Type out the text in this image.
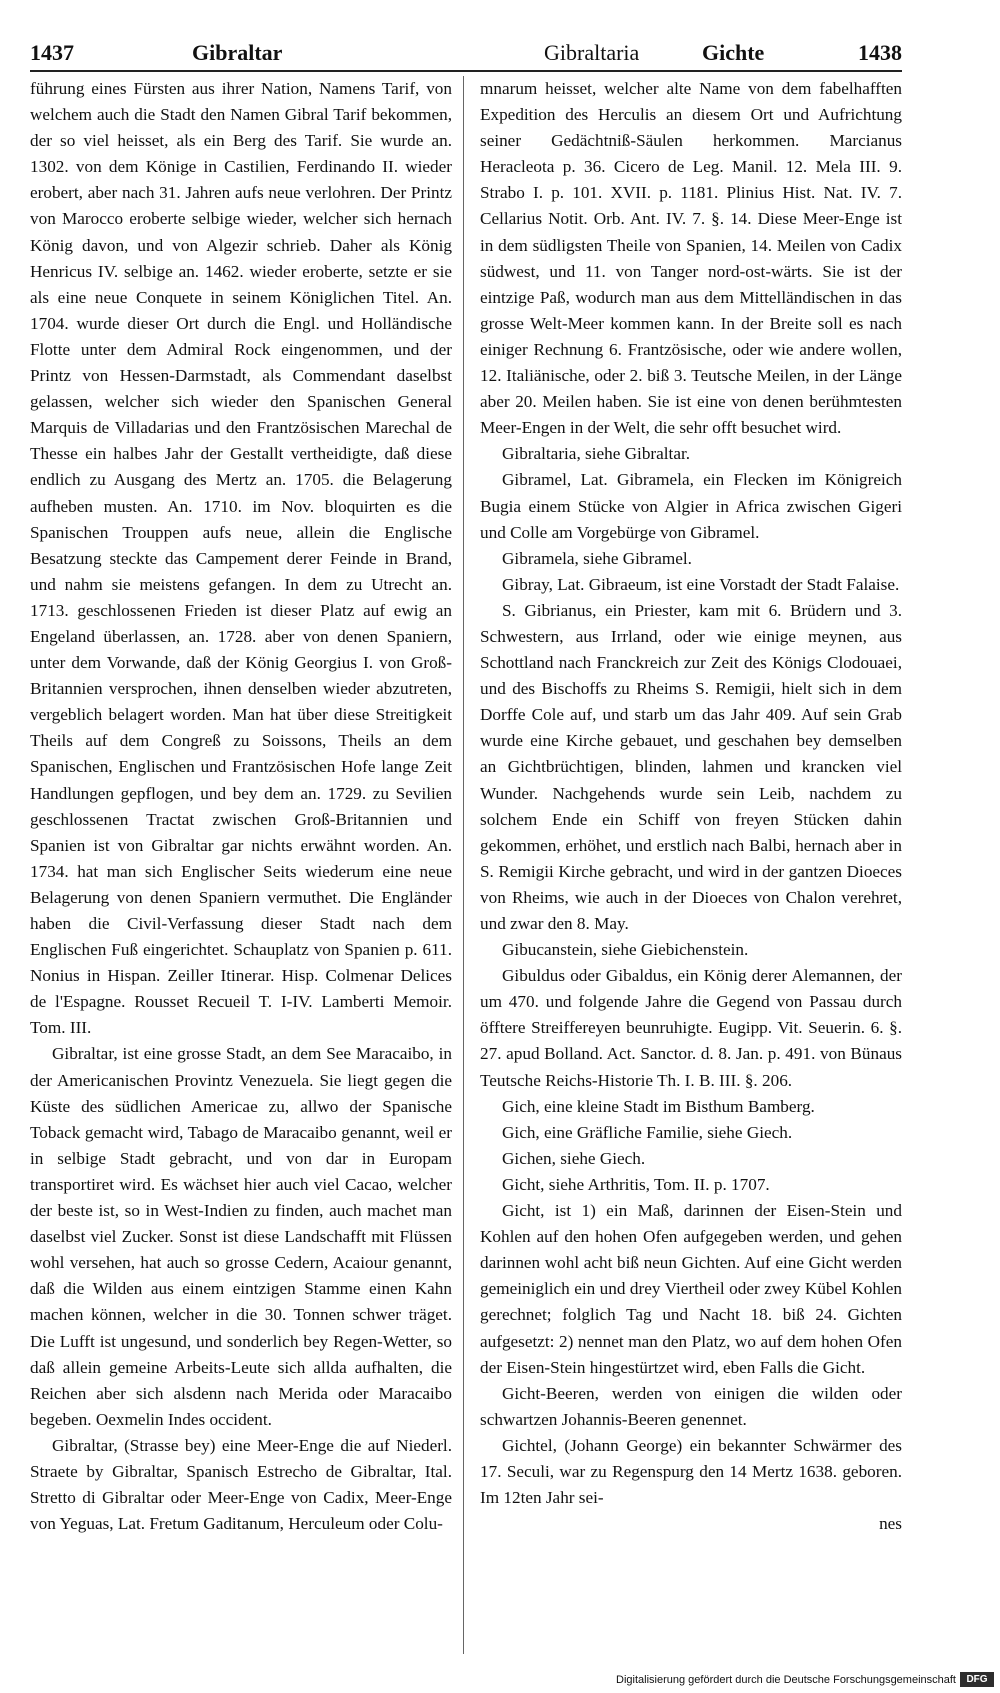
1437	Gibraltar	Gibraltaria	Gichte	1438

führung eines Fürsten aus ihrer Nation, Namens Tarif, von welchem auch die Stadt den Namen Gibral Tarif bekommen, der so viel heisset, als ein Berg des Tarif. Sie wurde an. 1302. von dem Könige in Castilien, Ferdinando II. wieder erobert, aber nach 31. Jahren aufs neue verlohren. Der Printz von Marocco eroberte selbige wieder, welcher sich hernach König davon, und von Algezir schrieb. Daher als König Henricus IV. selbige an. 1462. wieder eroberte, setzte er sie als eine neue Conquete in seinem Königlichen Titel. An. 1704. wurde dieser Ort durch die Engl. und Holländische Flotte unter dem Admiral Rock eingenommen, und der Printz von Hessen-Darmstadt, als Commendant daselbst gelassen, welcher sich wieder den Spanischen General Marquis de Villadarias und den Frantzösischen Marechal de Thesse ein halbes Jahr der Gestallt vertheidigte, daß diese endlich zu Ausgang des Mertz an. 1705. die Belagerung aufheben musten. An. 1710. im Nov. bloquirten es die Spanischen Trouppen aufs neue, allein die Englische Besatzung steckte das Campement derer Feinde in Brand, und nahm sie meistens gefangen. In dem zu Utrecht an. 1713. geschlossenen Frieden ist dieser Platz auf ewig an Engeland überlassen, an. 1728. aber von denen Spaniern, unter dem Vorwande, daß der König Georgius I. von Groß-Britannien versprochen, ihnen denselben wieder abzutreten, vergeblich belagert worden. Man hat über diese Streitigkeit Theils auf dem Congreß zu Soissons, Theils an dem Spanischen, Englischen und Frantzösischen Hofe lange Zeit Handlungen gepflogen, und bey dem an. 1729. zu Sevilien geschlossenen Tractat zwischen Groß-Britannien und Spanien ist von Gibraltar gar nichts erwähnt worden. An. 1734. hat man sich Englischer Seits wiederum eine neue Belagerung von denen Spaniern vermuthet. Die Engländer haben die Civil-Verfassung dieser Stadt nach dem Englischen Fuß eingerichtet. Schauplatz von Spanien p. 611. Nonius in Hispan. Zeiller Itinerar. Hisp. Colmenar Delices de l'Espagne. Rousset Recueil T. I-IV. Lamberti Memoir. Tom. III.

Gibraltar, ist eine grosse Stadt, an dem See Maracaibo, in der Americanischen Provintz Venezuela. Sie liegt gegen die Küste des südlichen Americae zu, allwo der Spanische Toback gemacht wird, Tabago de Maracaibo genannt, weil er in selbige Stadt gebracht, und von dar in Europam transportiret wird. Es wächset hier auch viel Cacao, welcher der beste ist, so in West-Indien zu finden, auch machet man daselbst viel Zucker. Sonst ist diese Landschafft mit Flüssen wohl versehen, hat auch so grosse Cedern, Acaiour genannt, daß die Wilden aus einem eintzigen Stamme einen Kahn machen können, welcher in die 30. Tonnen schwer träget. Die Lufft ist ungesund, und sonderlich bey Regen-Wetter, so daß allein gemeine Arbeits-Leute sich allda aufhalten, die Reichen aber sich alsdenn nach Merida oder Maracaibo begeben. Oexmelin Indes occident.

Gibraltar, (Strasse bey) eine Meer-Enge die auf Niederl. Straete by Gibraltar, Spanisch Estrecho de Gibraltar, Ital. Stretto di Gibraltar oder Meer-Enge von Cadix, Meer-Enge von Yeguas, Lat. Fretum Gaditanum, Herculeum oder Colu-

mnarum heisset, welcher alte Name von dem fabelhafften Expedition des Herculis an diesem Ort und Aufrichtung seiner Gedächtniß-Säulen herkommen. Marcianus Heracleota p. 36. Cicero de Leg. Manil. 12. Mela III. 9. Strabo I. p. 101. XVII. p. 1181. Plinius Hist. Nat. IV. 7. Cellarius Notit. Orb. Ant. IV. 7. §. 14. Diese Meer-Enge ist in dem südligsten Theile von Spanien, 14. Meilen von Cadix südwest, und 11. von Tanger nord-ost-wärts. Sie ist der eintzige Paß, wodurch man aus dem Mittelländischen in das grosse Welt-Meer kommen kann. In der Breite soll es nach einiger Rechnung 6. Frantzösische, oder wie andere wollen, 12. Italiänische, oder 2. biß 3. Teutsche Meilen, in der Länge aber 20. Meilen haben. Sie ist eine von denen berühmtesten Meer-Engen in der Welt, die sehr offt besuchet wird.

Gibraltaria, siehe Gibraltar.

Gibramel, Lat. Gibramela, ein Flecken im Königreich Bugia einem Stücke von Algier in Africa zwischen Gigeri und Colle am Vorgebürge von Gibramel.

Gibramela, siehe Gibramel.

Gibray, Lat. Gibraeum, ist eine Vorstadt der Stadt Falaise.

S. Gibrianus, ein Priester, kam mit 6. Brüdern und 3. Schwestern, aus Irrland, oder wie einige meynen, aus Schottland nach Franckreich zur Zeit des Königs Clodouaei, und des Bischoffs zu Rheims S. Remigii, hielt sich in dem Dorffe Cole auf, und starb um das Jahr 409. Auf sein Grab wurde eine Kirche gebauet, und geschahen bey demselben an Gichtbrüchtigen, blinden, lahmen und krancken viel Wunder. Nachgehends wurde sein Leib, nachdem zu solchem Ende ein Schiff von freyen Stücken dahin gekommen, erhöhet, und erstlich nach Balbi, hernach aber in S. Remigii Kirche gebracht, und wird in der gantzen Dioeces von Rheims, wie auch in der Dioeces von Chalon verehret, und zwar den 8. May.

Gibucanstein, siehe Giebichenstein.

Gibuldus oder Gibaldus, ein König derer Alemannen, der um 470. und folgende Jahre die Gegend von Passau durch öfftere Streiffereyen beunruhigte. Eugipp. Vit. Seuerin. 6. §. 27. apud Bolland. Act. Sanctor. d. 8. Jan. p. 491. von Bünaus Teutsche Reichs-Historie Th. I. B. III. §. 206.

Gich, eine kleine Stadt im Bisthum Bamberg.

Gich, eine Gräfliche Familie, siehe Giech.

Gichen, siehe Giech.

Gicht, siehe Arthritis, Tom. II. p. 1707.

Gicht, ist 1) ein Maß, darinnen der Eisen-Stein und Kohlen auf den hohen Ofen aufgegeben werden, und gehen darinnen wohl acht biß neun Gichten. Auf eine Gicht werden gemeiniglich ein und drey Viertheil oder zwey Kübel Kohlen gerechnet; folglich Tag und Nacht 18. biß 24. Gichten aufgesetzt: 2) nennet man den Platz, wo auf dem hohen Ofen der Eisen-Stein hingestürtzet wird, eben Falls die Gicht.

Gicht-Beeren, werden von einigen die wilden oder schwartzen Johannis-Beeren genennet.

Gichtel, (Johann George) ein bekannter Schwärmer des 17. Seculi, war zu Regenspurg den 14 Mertz 1638. geboren. Im 12ten Jahr sei-

nes

Digitalisierung gefördert durch die Deutsche Forschungsgemeinschaft	DFG
